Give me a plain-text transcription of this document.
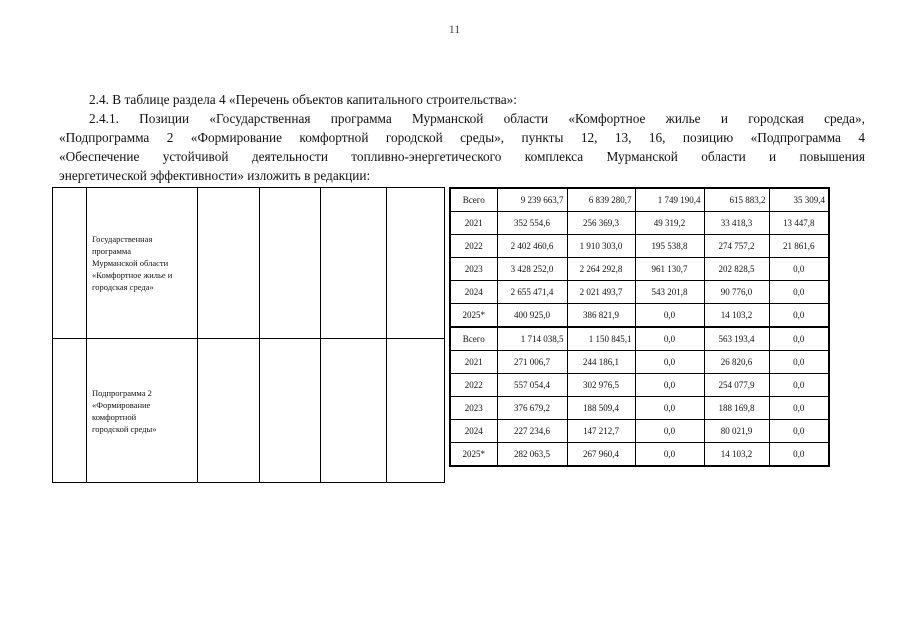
11
2.4. В таблице раздела 4 «Перечень объектов капитального строительства»:
2.4.1. Позиции «Государственная программа Мурманской области «Комфортное жилье и городская среда»,
«Подпрограмма 2 «Формирование комфортной городской среды», пункты 12, 13, 16, позицию «Подпрограмма 4
«Обеспечение устойчивой деятельности топливно-энергетического комплекса Мурманской области и повышения
энергетической эффективности» изложить в редакции:

	Государственная
программа
Мурманской области
«Комфортное жилье и
городская среда»				

	Подпрограмма 2
«Формирование
комфортной
городской среды»				

Всего	9 239 663,7	6 839 280,7	1 749 190,4	615 883,2	35 309,4
2021	352 554,6	256 369,3	49 319,2	33 418,3	13 447,8
2022	2 402 460,6	1 910 303,0	195 538,8	274 757,2	21 861,6
2023	3 428 252,0	2 264 292,8	961 130,7	202 828,5	0,0
2024	2 655 471,4	2 021 493,7	543 201,8	90 776,0	0,0
2025*	400 925,0	386 821,9	0,0	14 103,2	0,0
Всего	1 714 038,5	1 150 845,1	0,0	563 193,4	0,0
2021	271 006,7	244 186,1	0,0	26 820,6	0,0
2022	557 054,4	302 976,5	0,0	254 077,9	0,0
2023	376 679,2	188 509,4	0,0	188 169,8	0,0
2024	227 234,6	147 212,7	0,0	80 021,9	0,0
2025*	282 063,5	267 960,4	0,0	14 103,2	0,0
